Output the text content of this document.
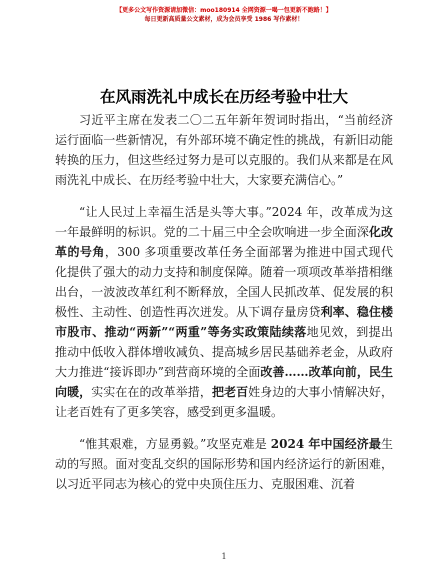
【更多公文写作资源请加微信：moo180914 全网资源一喝一包更新不跑路！】
每日更新高质量公文素材，成为会员享受 1986 写作素材！
在风雨洗礼中成长在历经考验中壮大

习近平主席在发表二〇二五年新年贺词时指出，“当前经济运行面临一些新情况，有外部环境不确定性的挑战，有新旧动能转换的压力，但这些经过努力是可以克服的。我们从来都是在风雨洗礼中成长、在历经考验中壮大，大家要充满信心。”

“让人民过上幸福生活是头等大事。”2024 年，改革成为这一年最鲜明的标识。党的二十届三中全会吹响进一步全面深化改革的号角，300 多项重要改革任务全面部署为推进中国式现代化提供了强大的动力支持和制度保障。随着一项项改革举措相继出台，一波波改革红利不断释放，全国人民抓改革、促发展的积极性、主动性、创造性再次迸发。从下调存量房贷利率、稳住楼市股市、推动“两新”“两重”等务实政策陆续落地见效，到提出推动中低收入群体增收减负、提高城乡居民基础养老金，从政府大力推进“接诉即办”到营商环境的全面改善……改革向前，民生向暖，实实在在的改革举措，把老百姓身边的大事小情解决好，让老百姓有了更多笑容，感受到更多温暖。

“惟其艰难，方显勇毅。”攻坚克难是 2024 年中国经济最生动的写照。面对变乱交织的国际形势和国内经济运行的新困难，以习近平同志为核心的党中央顶住压力、克服困难、沉着

1
